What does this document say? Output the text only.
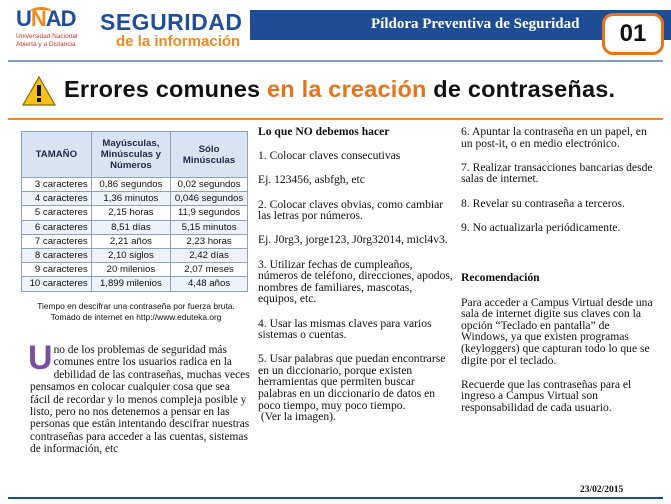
UNAD
Universidad Nacional
Abierta y a Distancia
SEGURIDAD
de la información
Píldora Preventiva de Seguridad	01
Errores comunes en la creación de contraseñas.
TAMAÑO	Mayúsculas, Minúsculas y Números	Sólo Minúsculas
3 caracteres	0,86 segundos	0,02 segundos
4 caracteres	1,36 minutos	0,046 segundos
5 caracteres	2,15 horas	11,9 segundos
6 caracteres	8,51 días	5,15 minutos
7 caracteres	2,21 años	2,23 horas
8 caracteres	2,10 siglos	2,42 días
9 caracteres	20 milenios	2,07 meses
10 caracteres	1,899 milenios	4,48 años
Tiempo en descifrar una contraseña por fuerza bruta.
Tomado de internet en http://www.eduteka.org
Uno de los problemas de seguridad más comunes entre los usuarios radica en la debilidad de las contraseñas, muchas veces pensamos en colocar cualquier cosa que sea fácil de recordar y lo menos compleja posible y listo, pero no nos detenemos a pensar en las personas que están intentando descifrar nuestras contraseñas para acceder a las cuentas, sistemas de información, etc

Lo que NO debemos hacer

1. Colocar claves consecutivas

Ej. 123456, asbfgh, etc

2. Colocar claves obvias, como cambiar las letras por números.

Ej. J0rg3, jorge123, J0rg32014, micl4v3.

3. Utilizar fechas de cumpleaños, números de teléfono, direcciones, apodos, nombres de familiares, mascotas, equipos, etc.

4. Usar las mismas claves para varios sistemas o cuentas.

5. Usar palabras que puedan encontrarse en un diccionario, porque existen herramientas que permiten buscar palabras en un diccionario de datos en poco tiempo, muy poco tiempo.
(Ver la imagen).

6. Apuntar la contraseña en un papel, en un post-it, o en medio electrónico.

7. Realizar transacciones bancarias desde salas de internet.

8. Revelar su contraseña a terceros.

9. No actualizarla periódicamente.

Recomendación

Para acceder a Campus Virtual desde una sala de internet digite sus claves con la opción “Teclado en pantalla” de Windows, ya que existen programas (keyloggers) que capturan todo lo que se digite por el teclado.

Recuerde que las contraseñas para el ingreso a Campus Virtual son responsabilidad de cada usuario.

23/02/2015
